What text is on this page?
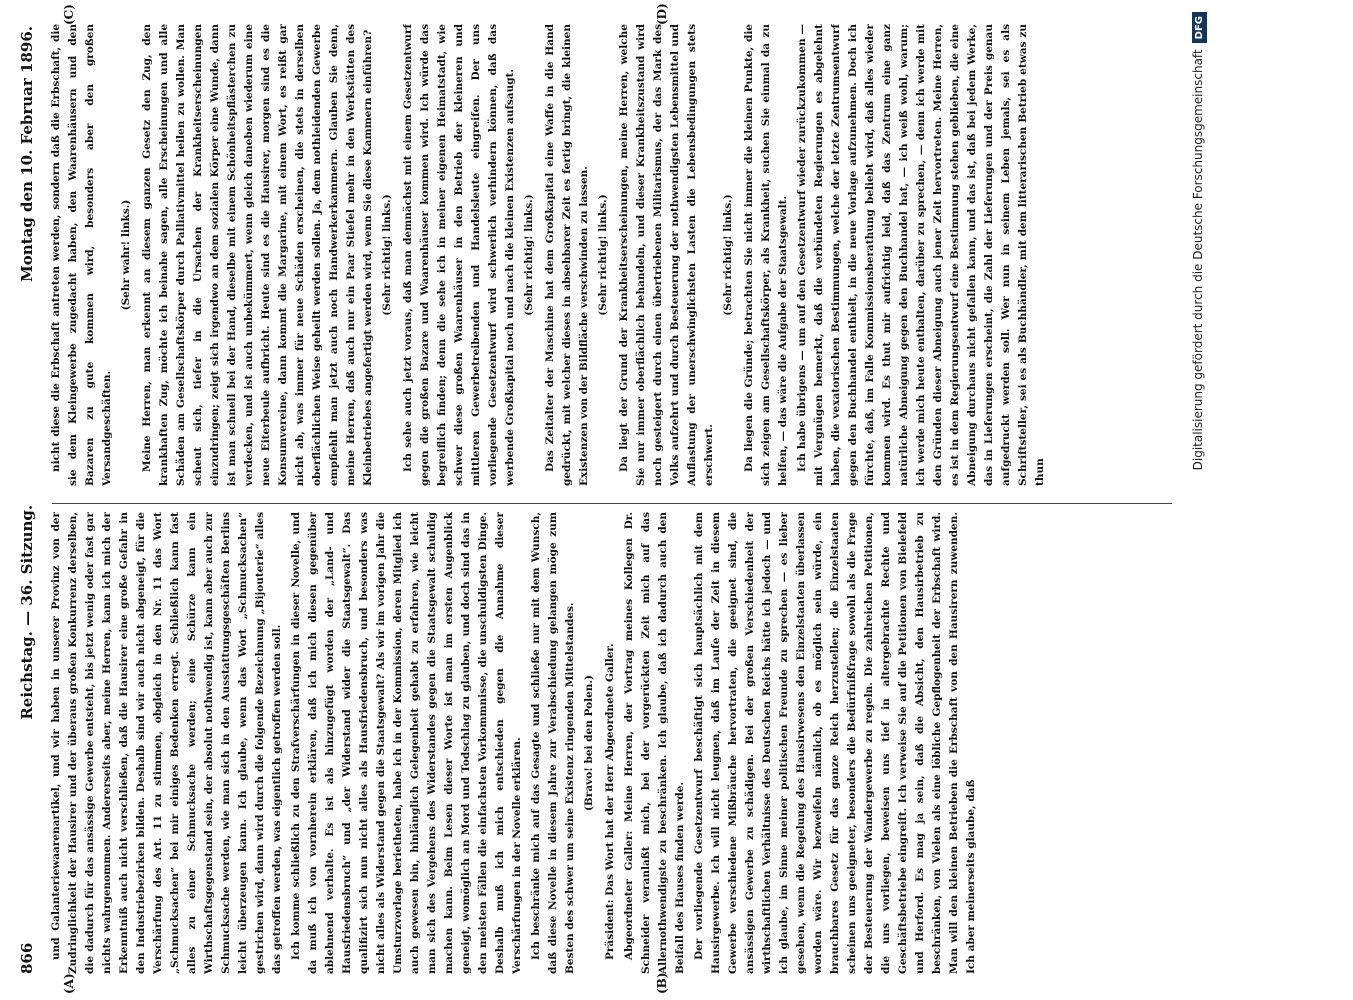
866
Reichstag. — 36. Sitzung.
Montag den 10. Februar 1896.
(A)	(B)
(C)	(D)

und Galanteriewaarenartikel, und wir haben in unserer Provinz von der Zudringlichkeit der Hausirer und der überaus großen Konkurrenz derselben, die dadurch für das ansässige Gewerbe entsteht, bis jetzt wenig oder fast gar nichts wahrgenommen. Andererseits aber, meine Herren, kann ich mich der Erkenntniß auch nicht verschließen, daß die Hausirer eine große Gefahr in den Industriebezirken bilden. Deshalb sind wir auch nicht abgeneigt, für die Verschärfung des Art. 11 zu stimmen, obgleich in den Nr. 11 das Wort „Schmucksachen“ bei mir einiges Bedenken erregt. Schließlich kann fast alles zu einer Schmucksache werden; eine Schürze kann ein Wirthschaftsgegenstand sein, der absolut nothwendig ist, kann aber auch zur Schmucksache werden, wie man sich in den Ausstattungsgeschäften Berlins leicht überzeugen kann. Ich glaube, wenn das Wort „Schmucksachen“ gestrichen wird, dann wird durch die folgende Bezeichnung „Bijouterie“ alles das getroffen werden, was eigentlich getroffen werden soll. Ich komme schließlich zu den Strafverschärfungen in dieser Novelle, und da muß ich von vornherein erklären, daß ich mich diesen gegenüber ablehnend verhalte. Es ist als hinzugefügt worden der „Land- und Hausfriedensbruch“ und „der Widerstand wider die Staatsgewalt“. Das qualifizirt sich nun nicht alles als Hausfriedensbruch, und besonders was nicht alles als Widerstand gegen die Staatsgewalt? Als wir im vorigen Jahr die Umsturzvorlage berietheten, habe ich in der Kommission, deren Mitglied ich auch gewesen bin, hinlänglich Gelegenheit gehabt zu erfahren, wie leicht man sich des Vergehens des Widerstandes gegen die Staatsgewalt schuldig machen kann. Beim Lesen dieser Worte ist man im ersten Augenblick geneigt, womöglich an Mord und Todschlag zu glauben, und doch sind das in den meisten Fällen die einfachsten Vorkommnisse, die unschuldigsten Dinge. Deshalb muß ich mich entschieden gegen die Annahme dieser Verschärfungen in der Novelle erklären. Ich beschränke mich auf das Gesagte und schließe nur mit dem Wunsch, daß diese Novelle in diesem Jahre zur Verabschiedung gelangen möge zum Besten des schwer um seine Existenz ringenden Mittelstandes. (Bravo! bei den Polen.) Präsident: Das Wort hat der Herr Abgeordnete Galler. Abgeordneter Galler: Meine Herren, der Vortrag meines Kollegen Dr. Schneider veranlaßt mich, bei der vorgerückten Zeit mich auf das Allernothwendigste zu beschränken. Ich glaube, daß ich dadurch auch den Beifall des Hauses finden werde. Der vorliegende Gesetzentwurf beschäftigt sich hauptsächlich mit dem Hausirgewerbe. Ich will nicht leugnen, daß im Laufe der Zeit in diesem Gewerbe verschiedene Mißbräuche hervortraten, die geeignet sind, die ansässigen Gewerbe zu schädigen. Bei der großen Verschiedenheit der wirthschaftlichen Verhältnisse des Deutschen Reichs hätte ich jedoch — und ich glaube, im Sinne meiner politischen Freunde zu sprechen — es lieber gesehen, wenn die Regelung des Hausirwesens den Einzelstaaten überlassen worden wäre. Wir bezweifeln nämlich, ob es möglich sein würde, ein brauchbares Gesetz für das ganze Reich herzustellen; die Einzelstaaten scheinen uns geeigneter, besonders die Bedürfnißfrage sowohl als die Frage der Besteuerung der Wandergewerbe zu regeln. Die zahlreichen Petitionen, die uns vorliegen, beweisen uns tief in altergebrachte Rechte und Geschäftsbetriebe eingreift. Ich verweise Sie auf die Petitionen von Bielefeld und Herford. Es mag ja sein, daß die Absicht, den Hausirbetrieb zu beschränken, von Vielen als eine löbliche Gepflogenheit der Erbschaft wird. Man will den kleinen Betrieben die Erbschaft von den Hausirern zuwenden. Ich aber meinerseits glaube, daß

nicht diese die Erbschaft antreten werden, sondern daß die Erbschaft, die sie dem Kleingewerbe zugedacht haben, den Waarenhäusern und den Bazaren zu gute kommen wird, besonders aber den großen Versandgeschäften.

(Sehr wahr! links.) Meine Herren, man erkennt an diesem ganzen Gesetz den Zug, den krankhaften Zug, möchte ich beinahe sagen, alle Erscheinungen und alle Schäden am Gesellschaftskörper durch Palliativmittel heilen zu wollen. Man scheut sich, tiefer in die Ursachen der Krankheitserscheinungen einzudringen; zeigt sich irgendwo an dem sozialen Körper eine Wunde, dann ist man schnell bei der Hand, dieselbe mit einem Schönheitspflästerchen zu verdecken, und ist auch unbekümmert, wenn gleich daneben wiederum eine neue Eiterbeule aufbricht. Heute sind es die Hausirer, morgen sind es die Konsumvereine, dann kommt die Margarine, mit einem Wort, es reißt gar nicht ab, was immer für neue Schäden erscheinen, die stets in derselben oberflächlichen Weise geheilt werden sollen. Ja, dem nothleidenden Gewerbe empfiehlt man jetzt auch noch Handwerkerkammern. Glauben Sie denn, meine Herren, daß auch nur ein Paar Stiefel mehr in den Werkstätten des Kleinbetriebes angefertigt werden wird, wenn Sie diese Kammern einführen? (Sehr richtig! links.) Ich sehe auch jetzt voraus, daß man demnächst mit einem Gesetzentwurf gegen die großen Bazare und Waarenhäuser kommen wird. Ich würde das begreiflich finden; denn die sehe ich in meiner eigenen Heimatstadt, wie schwer diese großen Waarenhäuser in den Betrieb der kleineren und mittleren Gewerbetreibenden und Handelsleute eingreifen. Der uns vorliegende Gesetzentwurf wird schwerlich verhindern können, daß das werbende Großkapital noch und nach die kleinen Existenzen aufsaugt. (Sehr richtig! links.) Das Zeitalter der Maschine hat dem Großkapital eine Waffe in die Hand gedrückt, mit welcher dieses in absehbarer Zeit es fertig bringt, die kleinen Existenzen von der Bildfläche verschwinden zu lassen. (Sehr richtig! links.) Da liegt der Grund der Krankheitserscheinungen, meine Herren, welche Sie nur immer oberflächlich behandeln, und dieser Krankheitszustand wird noch gesteigert durch einen übertriebenen Militarismus, der das Mark des Volks aufzehrt und durch Besteuerung der nothwendigsten Lebensmittel und Auflastung der unerschwinglichsten Lasten die Lebensbedingungen stets erschwert.

(Sehr richtig! links.) Da liegen die Gründe; betrachten Sie nicht immer die kleinen Punkte, die sich zeigen am Gesellschaftskörper, als Krankheit, suchen Sie einmal da zu helfen, — das wäre die Aufgabe der Staatsgewalt. Ich habe übrigens — um auf den Gesetzentwurf wieder zurückzukommen — mit Vergnügen bemerkt, daß die verbündeten Regierungen es abgelehnt haben, die vexatorischen Bestimmungen, welche der letzte Zentrumsentwurf gegen den Buchhandel enthielt, in die neue Vorlage aufzunehmen. Doch ich fürchte, daß, im Falle Kommissionsberathung beliebt wird, daß alles wieder kommen wird. Es thut mir aufrichtig leid, daß das Zentrum eine ganz natürliche Abneigung gegen den Buchhandel hat, — ich weiß wohl, warum; ich werde mich heute enthalten, darüber zu sprechen, — denn ich werde mit den Gründen dieser Abneigung auch jener Zeit hervortreten. Meine Herren, es ist in dem Regierungsentwurf eine Bestimmung stehen geblieben, die eine Abneigung durchaus nicht gefallen kann, und das ist, daß bei jedem Werke, das in Lieferungen erscheint, die Zahl der Lieferungen und der Preis genau aufgedruckt werden soll. Wer nun in seinem Leben jemals, sei es als Schriftsteller, sei es als Buchhändler, mit dem litterarischen Betrieb etwas zu thun

Digitalisierung gefördert durch die Deutsche ForschungsgemeinschaftDFG
